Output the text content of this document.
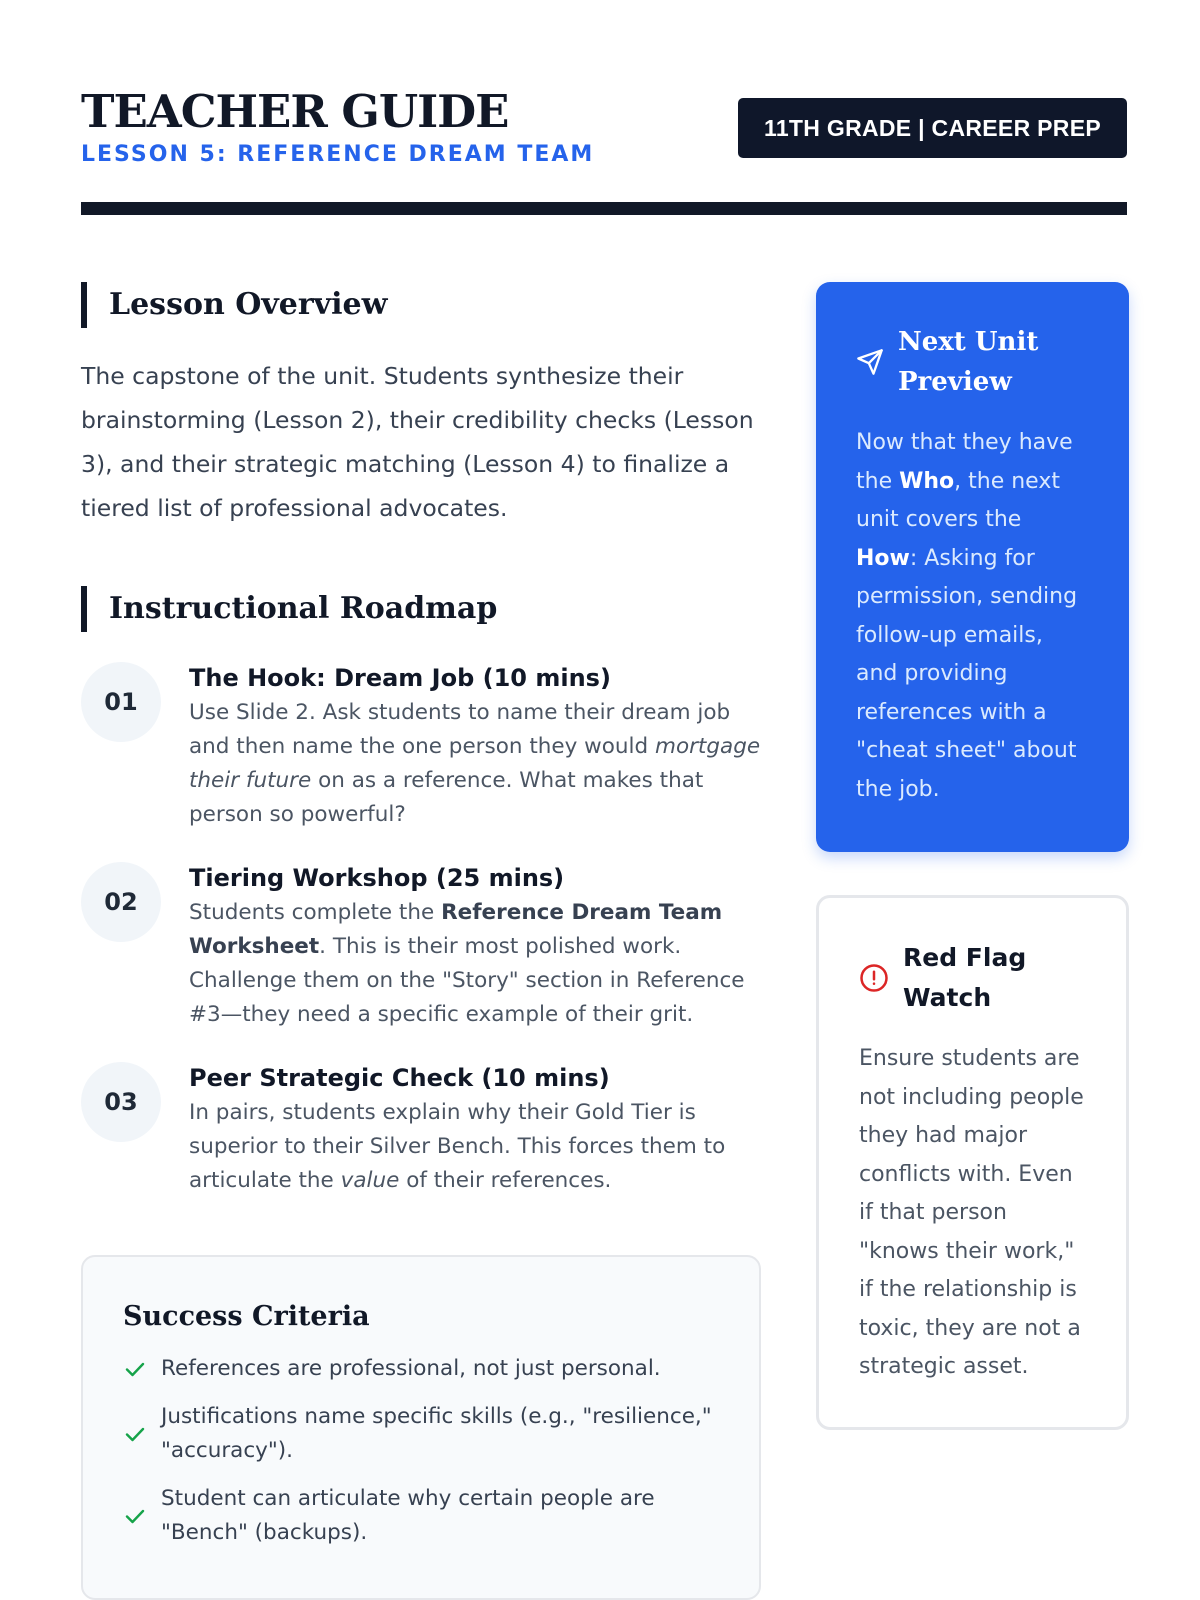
TEACHER GUIDE
LESSON 5: REFERENCE DREAM TEAM
11TH GRADE | CAREER PREP
Lesson Overview

The capstone of the unit. Students synthesize their brainstorming (Lesson 2), their credibility checks (Lesson 3), and their strategic matching (Lesson 4) to finalize a tiered list of professional advocates.

Instructional Roadmap
01
The Hook: Dream Job (10 mins)

Use Slide 2. Ask students to name their dream job and then name the one person they would mortgage their future on as a reference. What makes that person so powerful?

02
Tiering Workshop (25 mins)

Students complete the Reference Dream Team Worksheet. This is their most polished work. Challenge them on the "Story" section in Reference #3—they need a specific example of their grit.

03
Peer Strategic Check (10 mins)

In pairs, students explain why their Gold Tier is superior to their Silver Bench. This forces them to articulate the value of their references.

Success Criteria
References are professional, not just personal.
Justifications name specific skills (e.g., "resilience," "accuracy").
Student can articulate why certain people are "Bench" (backups).
Next Unit Preview

Now that they have the Who, the next unit covers the How: Asking for permission, sending follow-up emails, and providing references with a "cheat sheet" about the job.

Red Flag Watch

Ensure students are not including people they had major conflicts with. Even if that person "knows their work," if the relationship is toxic, they are not a strategic asset.
